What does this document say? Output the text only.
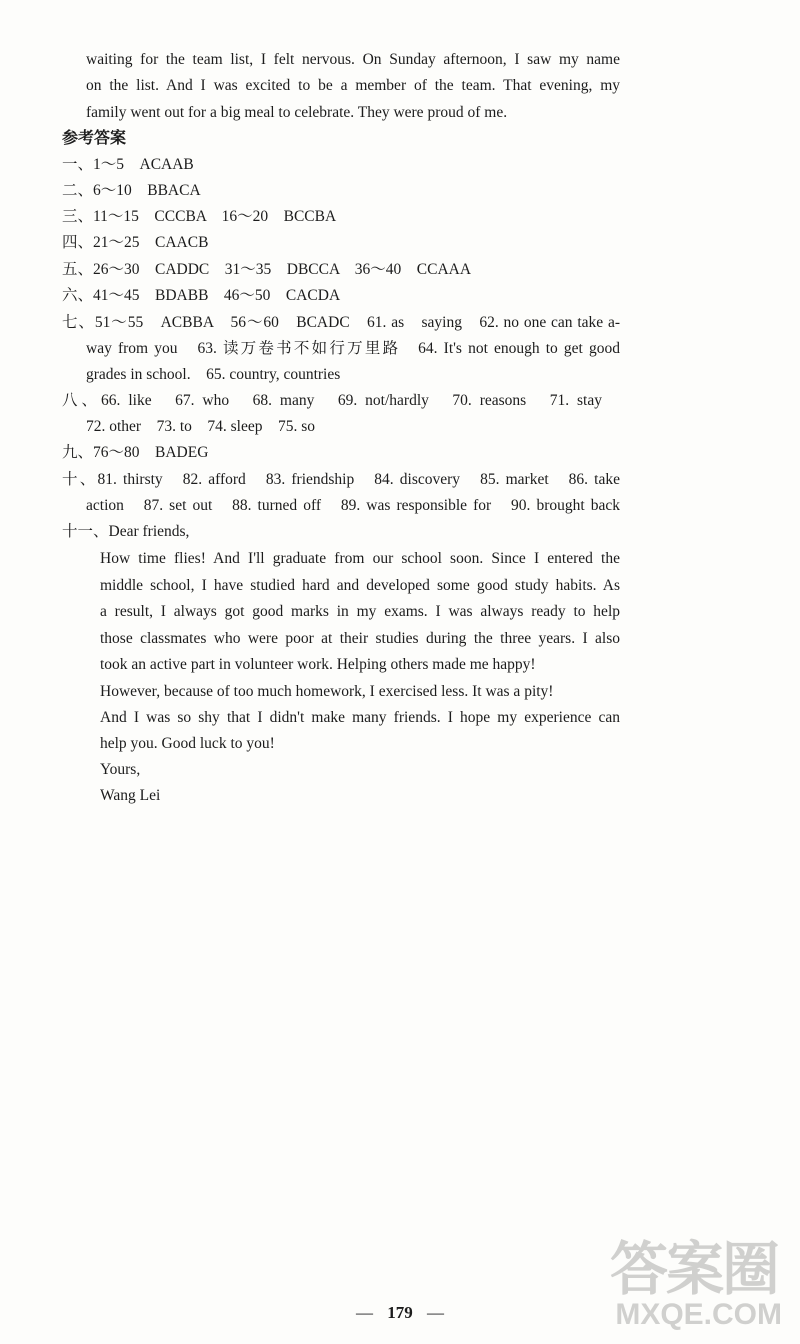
waiting for the team list, I felt nervous. On Sunday afternoon, I saw my name
on the list. And I was excited to be a member of the team. That evening, my
family went out for a big meal to celebrate. They were proud of me.
参考答案
一、1～5　ACAAB
二、6～10　BBACA
三、11～15　CCCBA　16～20　BCCBA
四、21～25　CAACB
五、26～30　CADDC　31～35　DBCCA　36～40　CCAAA
六、41～45　BDABB　46～50　CACDA
七、51～55　ACBBA　56～60　BCADC　61. as　saying　62. no one can take a-
way from you　63. 读万卷书不如行万里路　64. It's not enough to get good
grades in school.　65. country, countries
八、66. like　67. who　68. many　69. not/hardly　70. reasons　71. stay
72. other　73. to　74. sleep　75. so
九、76～80　BADEG
十、81. thirsty　82. afford　83. friendship　84. discovery　85. market　86. take
action　87. set out　88. turned off　89. was responsible for　90. brought back
十一、Dear friends,
How time flies! And I'll graduate from our school soon. Since I entered the
middle school, I have studied hard and developed some good study habits. As
a result, I always got good marks in my exams. I was always ready to help
those classmates who were poor at their studies during the three years. I also
took an active part in volunteer work. Helping others made me happy!
However, because of too much homework, I exercised less. It was a pity!
And I was so shy that I didn't make many friends. I hope my experience can
help you. Good luck to you!
Yours,
Wang Lei
— 179 —
答案圈
MXQE.COM
